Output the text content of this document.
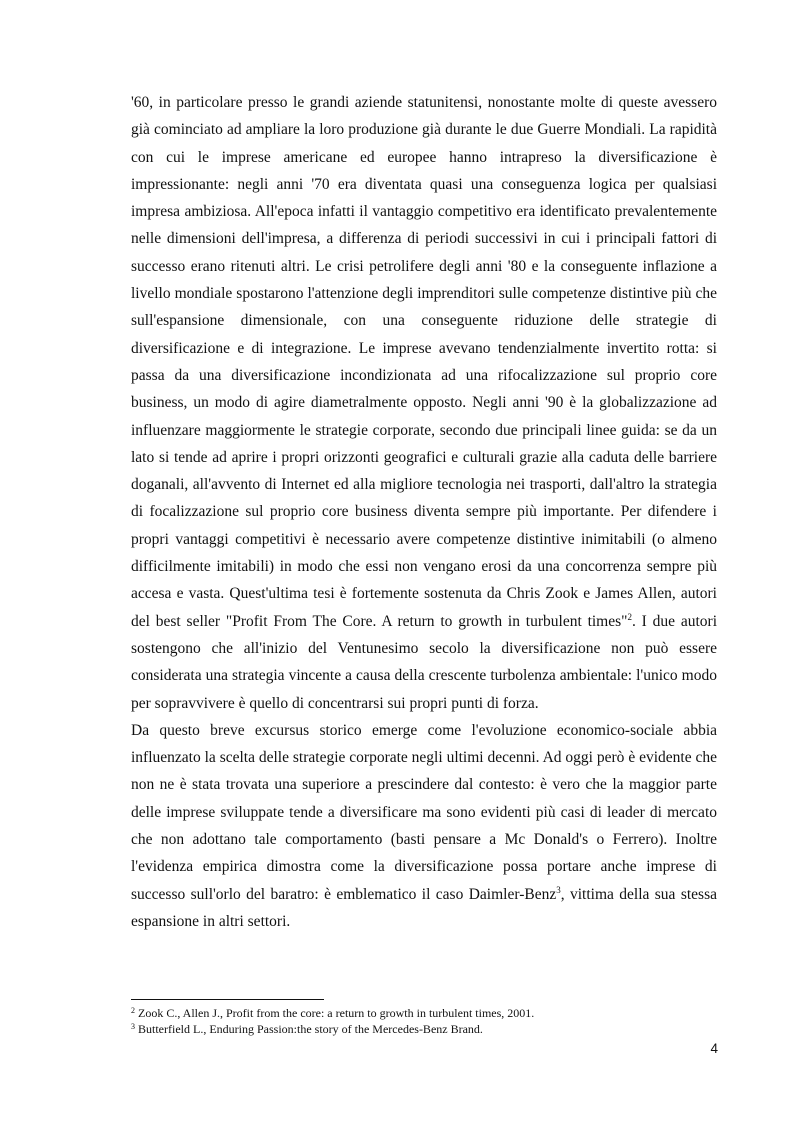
'60, in particolare presso le grandi aziende statunitensi, nonostante molte di queste avessero già cominciato ad ampliare la loro produzione già durante le due Guerre Mondiali. La rapidità con cui le imprese americane ed europee hanno intrapreso la diversificazione è impressionante: negli anni '70 era diventata quasi una conseguenza logica per qualsiasi impresa ambiziosa. All'epoca infatti il vantaggio competitivo era identificato prevalentemente nelle dimensioni dell'impresa, a differenza di periodi successivi in cui i principali fattori di successo erano ritenuti altri. Le crisi petrolifere degli anni '80 e la conseguente inflazione a livello mondiale spostarono l'attenzione degli imprenditori sulle competenze distintive più che sull'espansione dimensionale, con una conseguente riduzione delle strategie di diversificazione e di integrazione. Le imprese avevano tendenzialmente invertito rotta: si passa da una diversificazione incondizionata ad una rifocalizzazione sul proprio core business, un modo di agire diametralmente opposto. Negli anni '90 è la globalizzazione ad influenzare maggiormente le strategie corporate, secondo due principali linee guida: se da un lato si tende ad aprire i propri orizzonti geografici e culturali grazie alla caduta delle barriere doganali, all'avvento di Internet ed alla migliore tecnologia nei trasporti, dall'altro la strategia di focalizzazione sul proprio core business diventa sempre più importante. Per difendere i propri vantaggi competitivi è necessario avere competenze distintive inimitabili (o almeno difficilmente imitabili) in modo che essi non vengano erosi da una concorrenza sempre più accesa e vasta. Quest'ultima tesi è fortemente sostenuta da Chris Zook e James Allen, autori del best seller "Profit From The Core. A return to growth in turbulent times"$^2$. I due autori sostengono che all'inizio del Ventunesimo secolo la diversificazione non può essere considerata una strategia vincente a causa della crescente turbolenza ambientale: l'unico modo per sopravvivere è quello di concentrarsi sui propri punti di forza.

Da questo breve excursus storico emerge come l'evoluzione economico-sociale abbia influenzato la scelta delle strategie corporate negli ultimi decenni. Ad oggi però è evidente che non ne è stata trovata una superiore a prescindere dal contesto: è vero che la maggior parte delle imprese sviluppate tende a diversificare ma sono evidenti più casi di leader di mercato che non adottano tale comportamento (basti pensare a Mc Donald's o Ferrero). Inoltre l'evidenza empirica dimostra come la diversificazione possa portare anche imprese di successo sull'orlo del baratro: è emblematico il caso Daimler-Benz$^3$, vittima della sua stessa espansione in altri settori.

$^2$ Zook C., Allen J., Profit from the core: a return to growth in turbulent times, 2001.
$^3$ Butterfield L., Enduring Passion:the story of the Mercedes-Benz Brand.
4
